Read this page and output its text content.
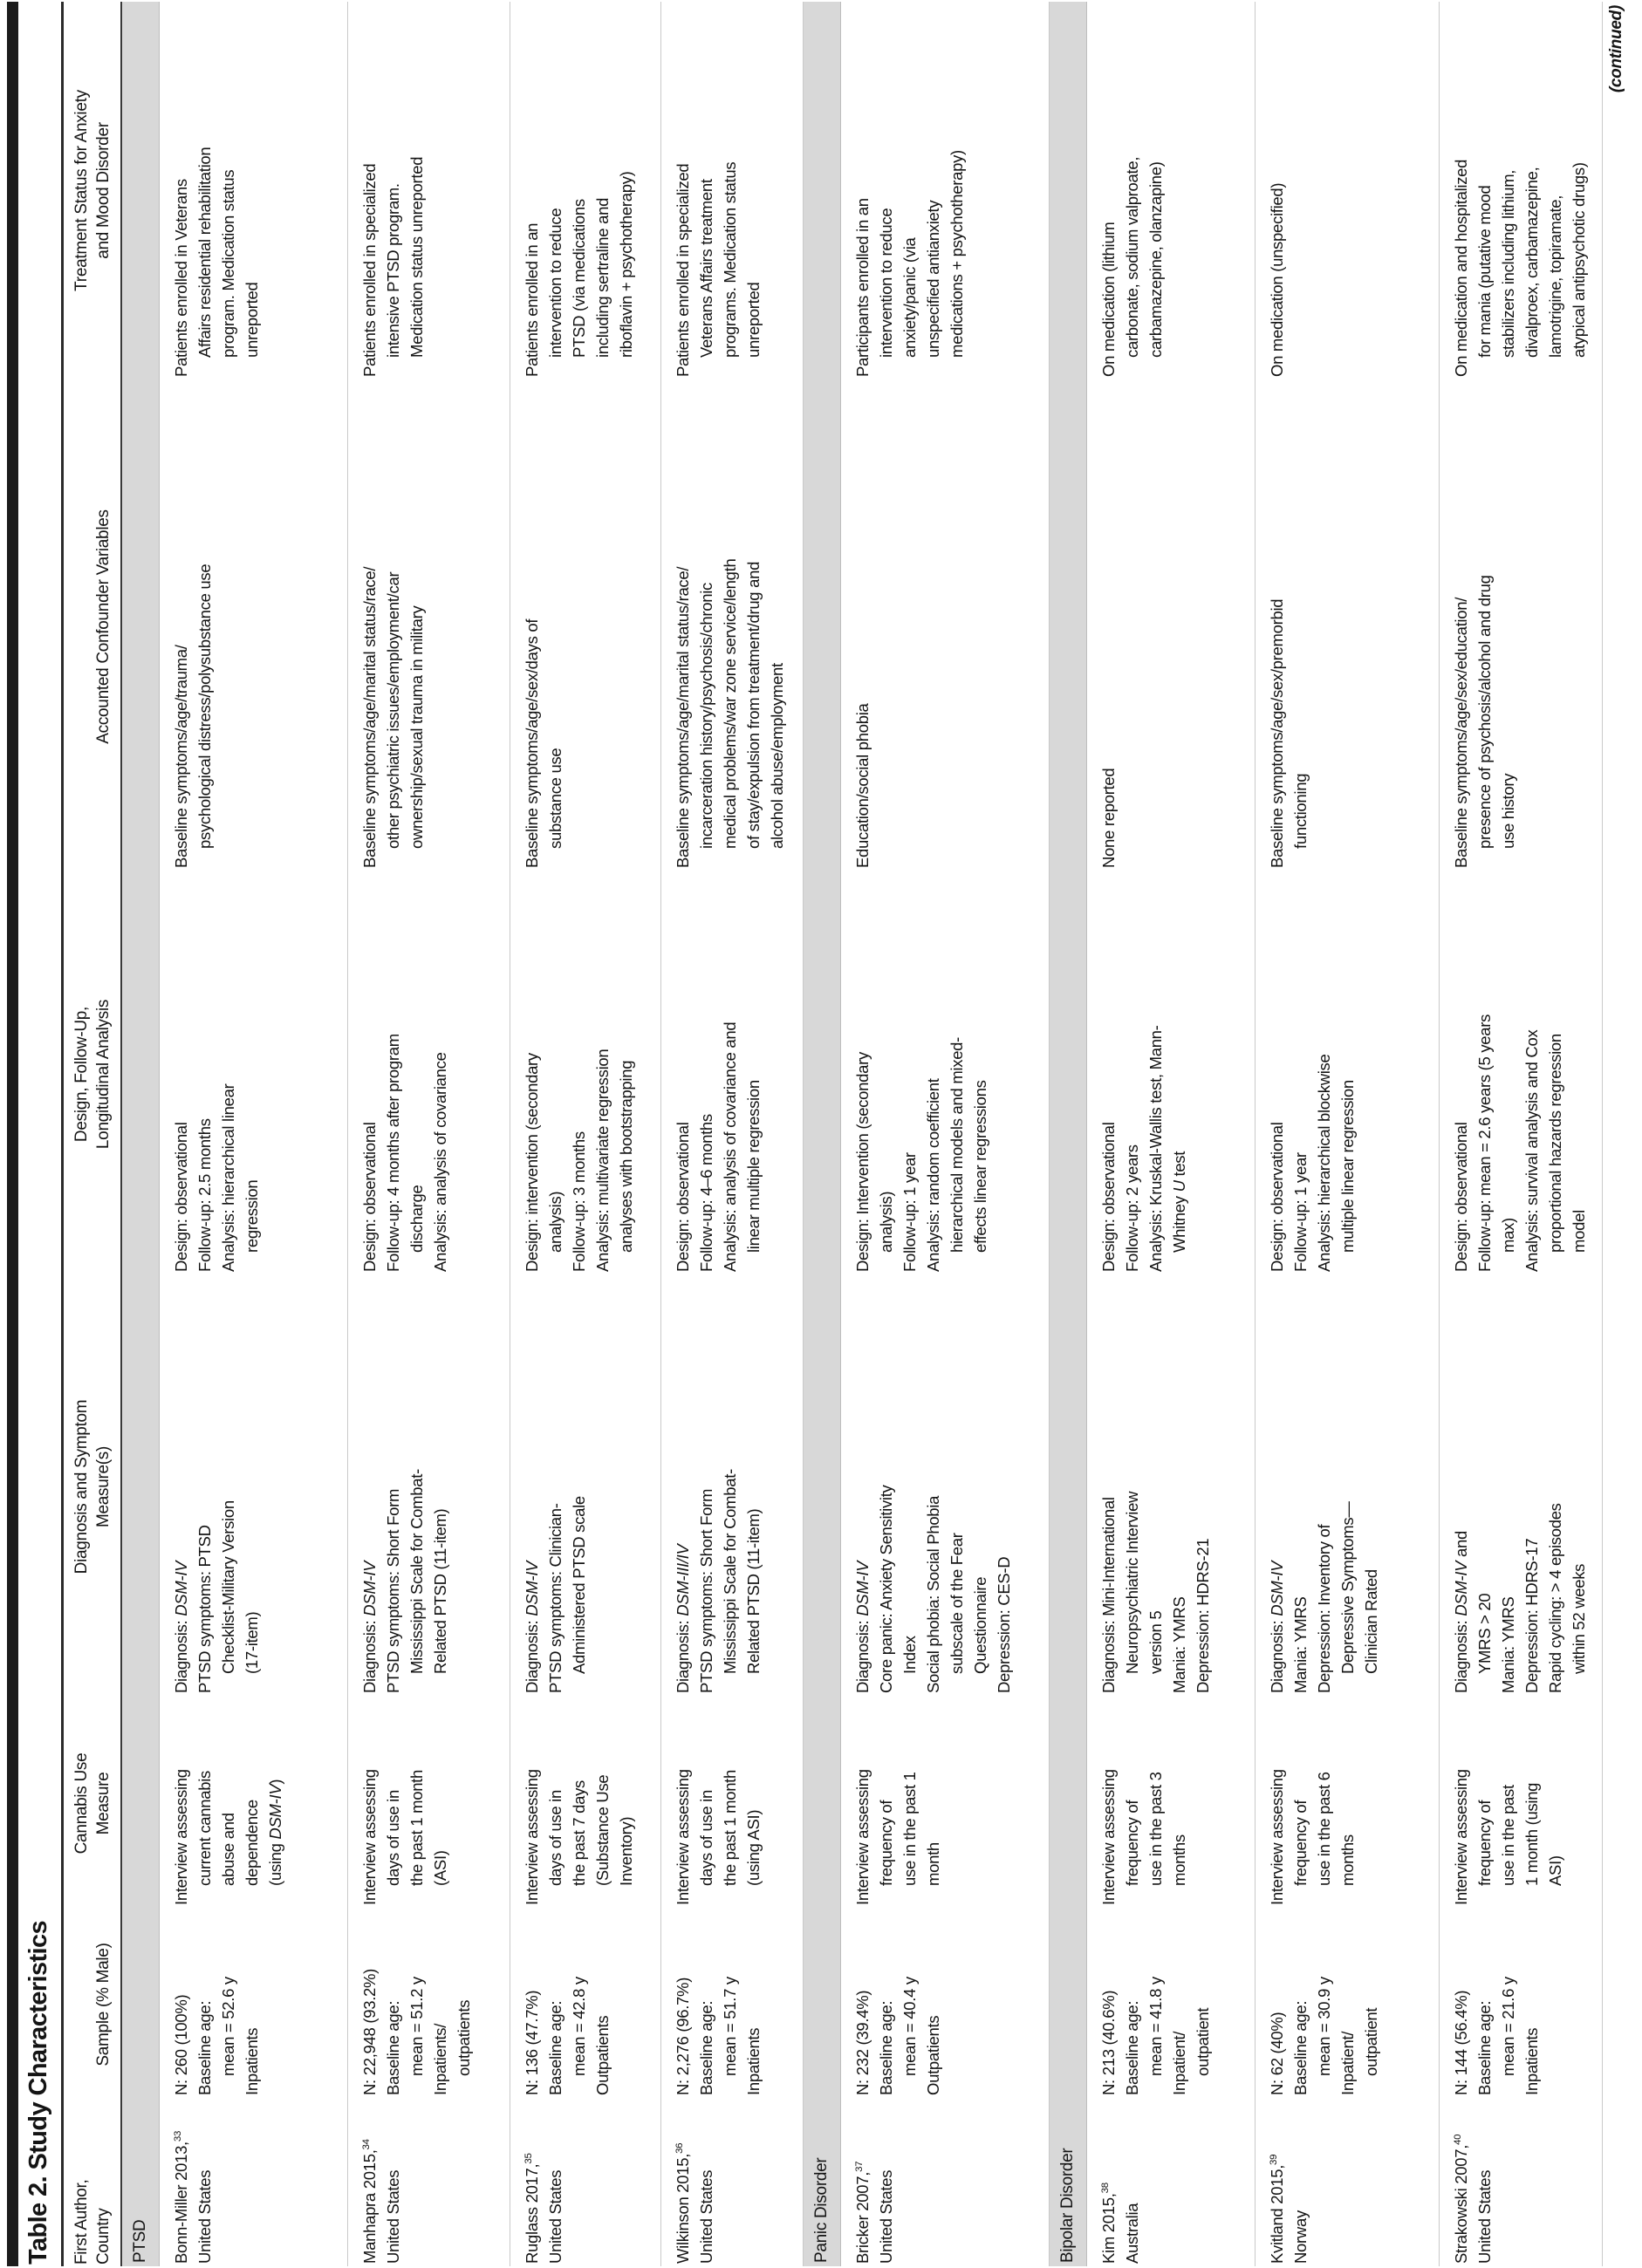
Table 2. Study Characteristics	First Author, Country
Sample (% Male)
Cannabis Use Measure
Diagnosis and Symptom Measure(s)
Design, Follow-Up, Longitudinal Analysis
Accounted Confounder Variables
Treatment Status for Anxiety and Mood Disorder
PTSD Bonn-Miller 2013,33
United States
N: 260 (100%) Baseline age: mean = 52.6 y Inpatients
Interview assessing current cannabis abuse and dependence (using DSM-IV)
Diagnosis: DSM-IV PTSD symptoms: PTSD Checklist-Military Version (17-item)
Design: observational Follow-up: 2.5 months Analysis: hierarchical linear regression
Baseline symptoms/age/trauma/ psychological distress/polysubstance use
Patients enrolled in Veterans Affairs residential rehabilitation program. Medication status unreported
Manhapra 2015,34
United States
N: 22,948 (93.2%) Baseline age: mean = 51.2 y Inpatients/ outpatients
Interview assessing days of use in the past 1 month (ASI)
Diagnosis: DSM-IV PTSD symptoms: Short Form Mississippi Scale for Combat- Related PTSD (11-item)
Design: observational Follow-up: 4 months after program discharge Analysis: analysis of covariance
Baseline symptoms/age/marital status/race/ other psychiatric issues/employment/car ownership/sexual trauma in military
Patients enrolled in specialized intensive PTSD program. Medication status unreported
Ruglass 2017,35
United States
N: 136 (47.7%) Baseline age: mean = 42.8 y Outpatients
Interview assessing days of use in the past 7 days (Substance Use Inventory)
Diagnosis: DSM-IV PTSD symptoms: Clinician- Administered PTSD scale
Design: intervention (secondary analysis) Follow-up: 3 months Analysis: multivariate regression analyses with bootstrapping
Baseline symptoms/age/sex/days of substance use
Patients enrolled in an intervention to reduce PTSD (via medications including sertraline and riboflavin + psychotherapy)
Wilkinson 2015,36
United States
N: 2,276 (96.7%) Baseline age: mean = 51.7 y Inpatients
Interview assessing days of use in the past 1 month (using ASI)
Diagnosis: DSM-III/IV PTSD symptoms: Short Form Mississippi Scale for Combat- Related PTSD (11-item)
Design: observational Follow-up: 4–6 months Analysis: analysis of covariance and linear multiple regression
Baseline symptoms/age/marital status/race/ incarceration history/psychosis/chronic medical problems/war zone service/length of stay/expulsion from treatment/drug and alcohol abuse/employment
Patients enrolled in specialized Veterans Affairs treatment programs. Medication status unreported
Panic Disorder Bricker 2007,37
United States
N: 232 (39.4%) Baseline age: mean = 40.4 y Outpatients
Interview assessing frequency of use in the past 1 month
Diagnosis: DSM-IV Core panic: Anxiety Sensitivity Index Social phobia: Social Phobia subscale of the Fear Questionnaire Depression: CES-D
Design: Intervention (secondary analysis) Follow-up: 1 year Analysis: random coefficient hierarchical models and mixed- effects linear regressions
Education/social phobia
Participants enrolled in an intervention to reduce anxiety/panic (via unspecified antianxiety medications + psychotherapy)
Bipolar Disorder Kim 2015,38
Australia
N: 213 (40.6%) Baseline age: mean = 41.8 y Inpatient/ outpatient
Interview assessing frequency of use in the past 3 months
Diagnosis: Mini-International Neuropsychiatric Interview version 5 Mania: YMRS Depression: HDRS-21
Design: observational Follow-up: 2 years Analysis: Kruskal-Wallis test, Mann- Whitney U test
None reported
On medication (lithium carbonate, sodium valproate, carbamazepine, olanzapine)
Kvitland 2015,39
Norway
N: 62 (40%) Baseline age: mean = 30.9 y Inpatient/ outpatient
Interview assessing frequency of use in the past 6 months
Diagnosis: DSM-IV
Mania: YMRS Depression: Inventory of Depressive Symptoms— Clinician Rated
Design: observational Follow-up: 1 year Analysis: hierarchical blockwise multiple linear regression
Baseline symptoms/age/sex/premorbid functioning
On medication (unspecified)
Strakowski 2007,40
United States
N: 144 (56.4%) Baseline age: mean = 21.6 y Inpatients
Interview assessing frequency of use in the past 1 month (using ASI)
Diagnosis: DSM-IV and
YMRS > 20 Mania: YMRS Depression: HDRS-17 Rapid cycling: > 4 episodes within 52 weeks
Design: observational Follow-up: mean = 2.6 years (5 years max) Analysis: survival analysis and Cox proportional hazards regression model
Baseline symptoms/age/sex/education/ presence of psychosis/alcohol and drug use history
On medication and hospitalized for mania (putative mood stabilizers including lithium, divalproex, carbamazepine, lamotrigine, topiramate, atypical antipsychotic drugs)
(continued)
